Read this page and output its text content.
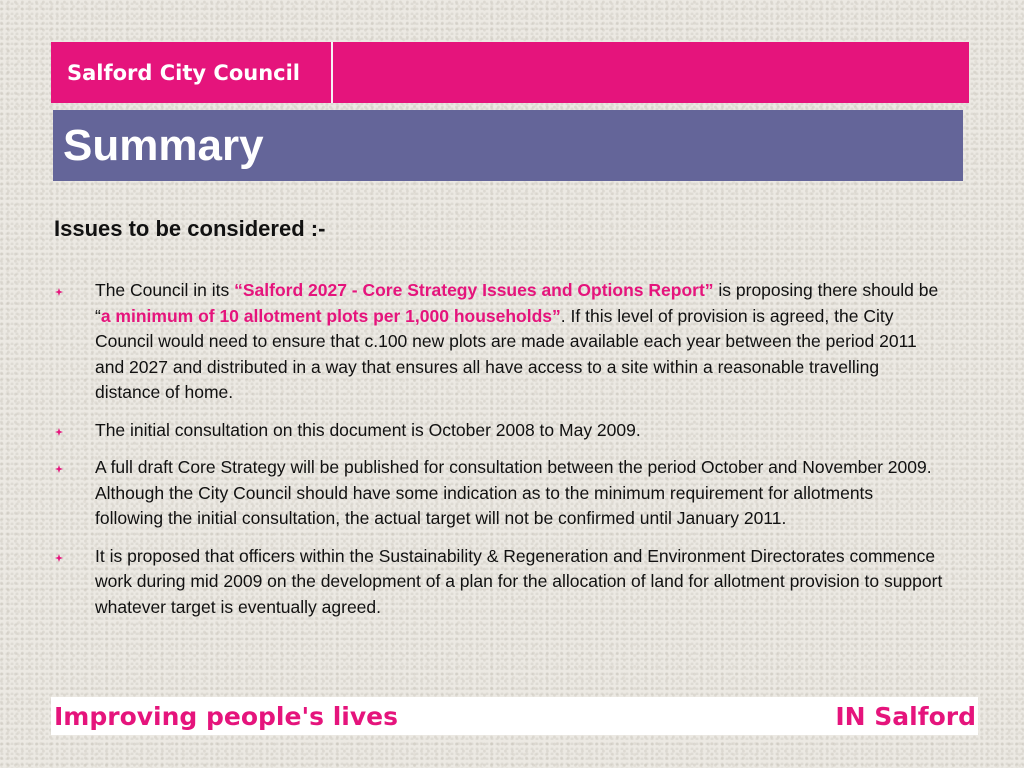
Salford City Council
Summary
Issues to be considered :-
The Council in its “Salford 2027 - Core Strategy Issues and Options Report” is proposing there should be “a minimum of 10 allotment plots per 1,000 households”. If this level of provision is agreed, the City Council would need to ensure that c.100 new plots are made available each year between the period 2011 and 2027 and distributed in a way that ensures all have access to a site within a reasonable travelling distance of home.
The initial consultation on this document is October 2008 to May 2009.
A full draft Core Strategy will be published for consultation between the period October and November 2009. Although the City Council should have some indication as to the minimum requirement for allotments following the initial consultation, the actual target will not be confirmed until January 2011.
It is proposed that officers within the Sustainability & Regeneration and Environment Directorates commence work during mid 2009 on the development of a plan for the allocation of land for allotment provision to support whatever target is eventually agreed.
Improving people's lives	IN Salford
